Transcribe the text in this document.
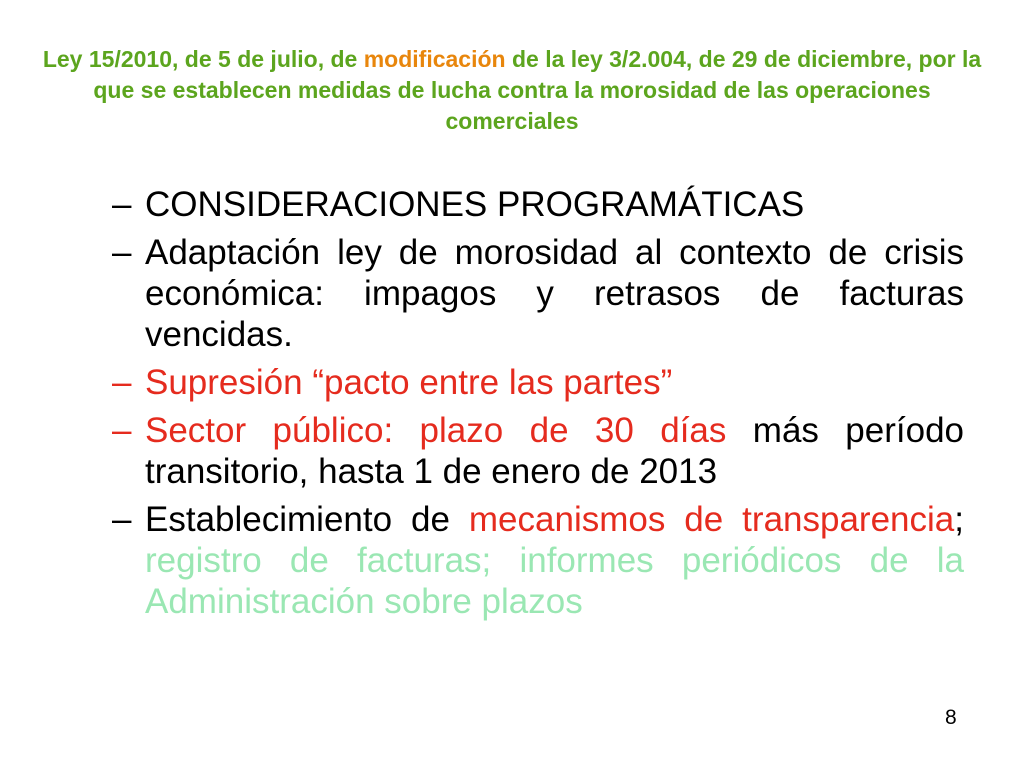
Ley 15/2010, de 5 de julio, de modificación de la ley 3/2.004, de 29 de diciembre, por la que se establecen medidas de lucha contra la morosidad de las operaciones comerciales
– CONSIDERACIONES PROGRAMÁTICAS
– Adaptación ley de morosidad al contexto de crisis económica: impagos y retrasos de facturas vencidas.
– Supresión “pacto entre las partes”
– Sector público: plazo de 30 días más período transitorio, hasta 1 de enero de 2013
– Establecimiento de mecanismos de transparencia; registro de facturas; informes periódicos de la Administración sobre plazos
8
